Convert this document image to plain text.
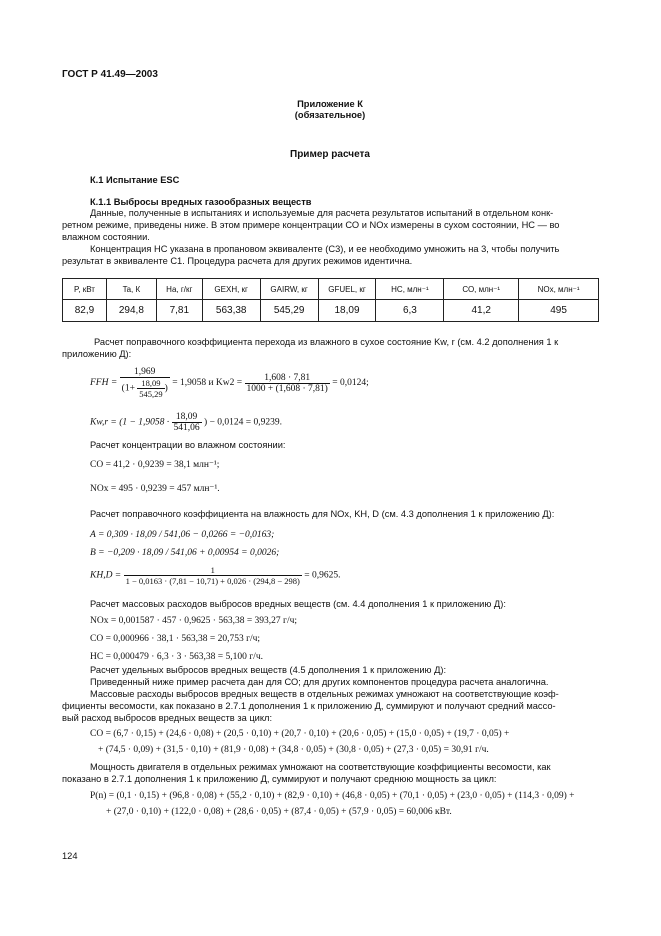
ГОСТ Р 41.49—2003
Приложение К
(обязательное)
Пример расчета
К.1 Испытание ESC
К.1.1 Выбросы вредных газообразных веществ
Данные, полученные в испытаниях и используемые для расчета результатов испытаний в отдельном конк-
ретном режиме, приведены ниже. В этом примере концентрации СО и NOx измерены в сухом состоянии, НС — во
влажном состоянии.
Концентрация НС указана в пропановом эквиваленте (С3), и ее необходимо умножить на 3, чтобы получить
результат в эквиваленте С1. Процедура расчета для других режимов идентична.
P, кВт	Ta, К	Ha, г/кг	GEXH, кг	GAIRW, кг	GFUEL, кг	НС, млн⁻¹	СО, млн⁻¹	NOx, млн⁻¹
82,9	294,8	7,81	563,38	545,29	18,09	6,3	41,2	495
Расчет поправочного коэффициента перехода из влажного в сухое состояние Kw, r (см. 4.2 дополнения 1 к
приложению Д):
FFH = $\frac{1,969}{(1+ \frac{18,09}{545,29} )} = 1,9058$ и $Kw2 = \frac{1,608 \cdot 7,81}{1000 + (1,608 \cdot 7,81)} = 0,0124$;
$Kw,r = (1 - 1,9058 \cdot \frac{18,09}{541,06}$ ) − 0,0124 = 0,9239.
Расчет концентрации во влажном состоянии:
СО = 41,2 · 0,9239 = 38,1 млн⁻¹;
NOx = 495 · 0,9239 = 457 млн⁻¹.
Расчет поправочного коэффициента на влажность для NOx, KH, D (см. 4.3 дополнения 1 к приложению Д):
A = 0,309 · 18,09 / 541,06 − 0,0266 = −0,0163;
B = −0,209 · 18,09 / 541,06 + 0,00954 = 0,0026;
$KH,D = \frac{1}{1 - 0,0163 \cdot (7,81 - 10,71) + 0,026 \cdot (294,8 - 298)} = 0,9625$.
Расчет массовых расходов выбросов вредных веществ (см. 4.4 дополнения 1 к приложению Д):
NOx = 0,001587 · 457 · 0,9625 · 563,38 = 393,27 г/ч;
СО = 0,000966 · 38,1 · 563,38 = 20,753 г/ч;
НС = 0,000479 · 6,3 · 3 · 563,38 = 5,100 г/ч.
Расчет удельных выбросов вредных веществ (4.5 дополнения 1 к приложению Д):
Приведенный ниже пример расчета дан для СО; для других компонентов процедура расчета аналогична.
Массовые расходы выбросов вредных веществ в отдельных режимах умножают на соответствующие коэф-
фициенты весомости, как показано в 2.7.1 дополнения 1 к приложению Д, суммируют и получают средний массо-
вый расход выбросов вредных веществ за цикл:
CO = (6,7 · 0,15) + (24,6 · 0,08) + (20,5 · 0,10) + (20,7 · 0,10) + (20,6 · 0,05) + (15,0 · 0,05) + (19,7 · 0,05) +
+ (74,5 · 0,09) + (31,5 · 0,10) + (81,9 · 0,08) + (34,8 · 0,05) + (30,8 · 0,05) + (27,3 · 0,05) = 30,91 г/ч.
Мощность двигателя в отдельных режимах умножают на соответствующие коэффициенты весомости, как
показано в 2.7.1 дополнения 1 к приложению Д, суммируют и получают среднюю мощность за цикл:
P(n) = (0,1 · 0,15) + (96,8 · 0,08) + (55,2 · 0,10) + (82,9 · 0,10) + (46,8 · 0,05) + (70,1 · 0,05) + (23,0 · 0,05) + (114,3 · 0,09) +
+ (27,0 · 0,10) + (122,0 · 0,08) + (28,6 · 0,05) + (87,4 · 0,05) + (57,9 · 0,05) = 60,006 кВт.
124
